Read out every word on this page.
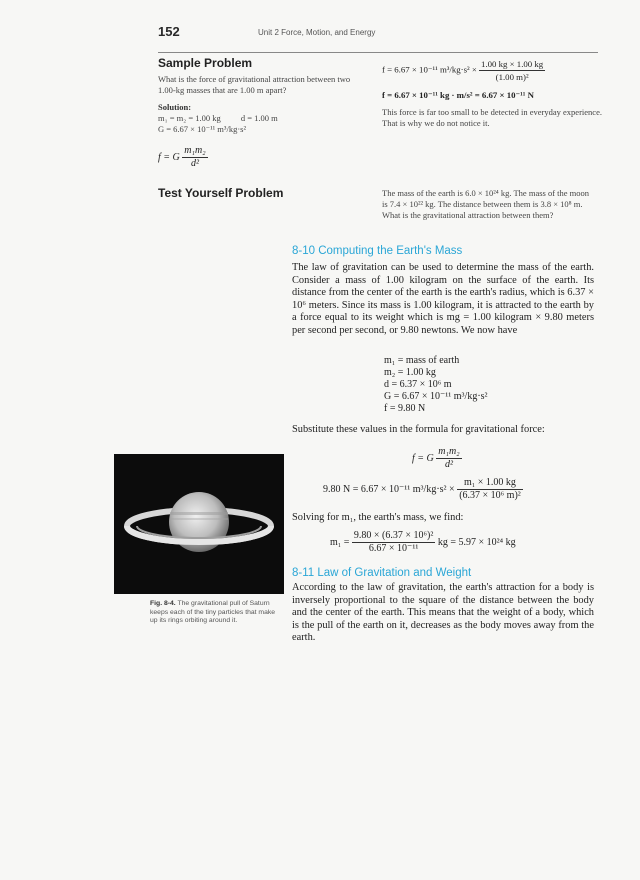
152	Unit 2 Force, Motion, and Energy
Sample Problem
What is the force of gravitational attraction between two 1.00-kg masses that are 1.00 m apart?
Solution:
m₁ = m₂ = 1.00 kg d = 1.00 m
G = 6.67 × 10⁻¹¹ m³/kg·s²
f = G $\frac{\text{m₁m₂}}{\text{d²}}$
f = 6.67 × 10⁻¹¹ $m^3/kg\cdot s^2 \times \frac{1.00 kg \times 1.00 kg}{\text{(1.00 m)²}}$
f = 6.67 × 10⁻¹¹ kg · m/s² = 6.67 × 10⁻¹¹ N
This force is far too small to be detected in everyday experience. That is why we do not notice it.
Test Yourself Problem	The mass of the earth is 6.0 × 10²⁴ kg. The mass of the moon is 7.4 × 10²² kg. The distance between them is 3.8 × 10⁸ m. What is the gravitational attraction between them?
8-10 Computing the Earth's Mass
The law of gravitation can be used to determine the mass of the earth. Consider a mass of 1.00 kilogram on the surface of the earth. Its distance from the center of the earth is the earth's radius, which is 6.37 × 10⁶ meters. Since its mass is 1.00 kilogram, it is attracted to the earth by a force equal to its weight which is mg = 1.00 kilogram × 9.80 meters per second per second, or 9.80 newtons. We now have
m₁ = mass of earth
m₂ = 1.00 kg
d = 6.37 × 10⁶ m
G = 6.67 × 10⁻¹¹ m³/kg·s²
f = 9.80 N
Substitute these values in the formula for gravitational force:
f = G $\frac{\text{m₁m₂}}{\text{d²}}$
9.80 N = 6.67 × 10⁻¹¹ $m^3/kg\cdot s^2 \times \frac{\text{m₁ × 1.00 kg}}{\text{(6.37 × 10⁶ m)²}}$
Solving for m₁, the earth's mass, we find:
$m_1 = \frac{\text{9.80 × (6.37 × 10⁶)²}}{\text{6.67 × 10⁻¹¹}}$ kg = 5.97 × 10²⁴ kg
8-11 Law of Gravitation and Weight
According to the law of gravitation, the earth's attraction for a body is inversely proportional to the square of the distance between the body and the center of the earth. This means that the weight of a body, which is the pull of the earth on it, decreases as the body moves away from the earth.
Fig. 8-4. The gravitational pull of Saturn keeps each of the tiny particles that make up its rings orbiting around it.
